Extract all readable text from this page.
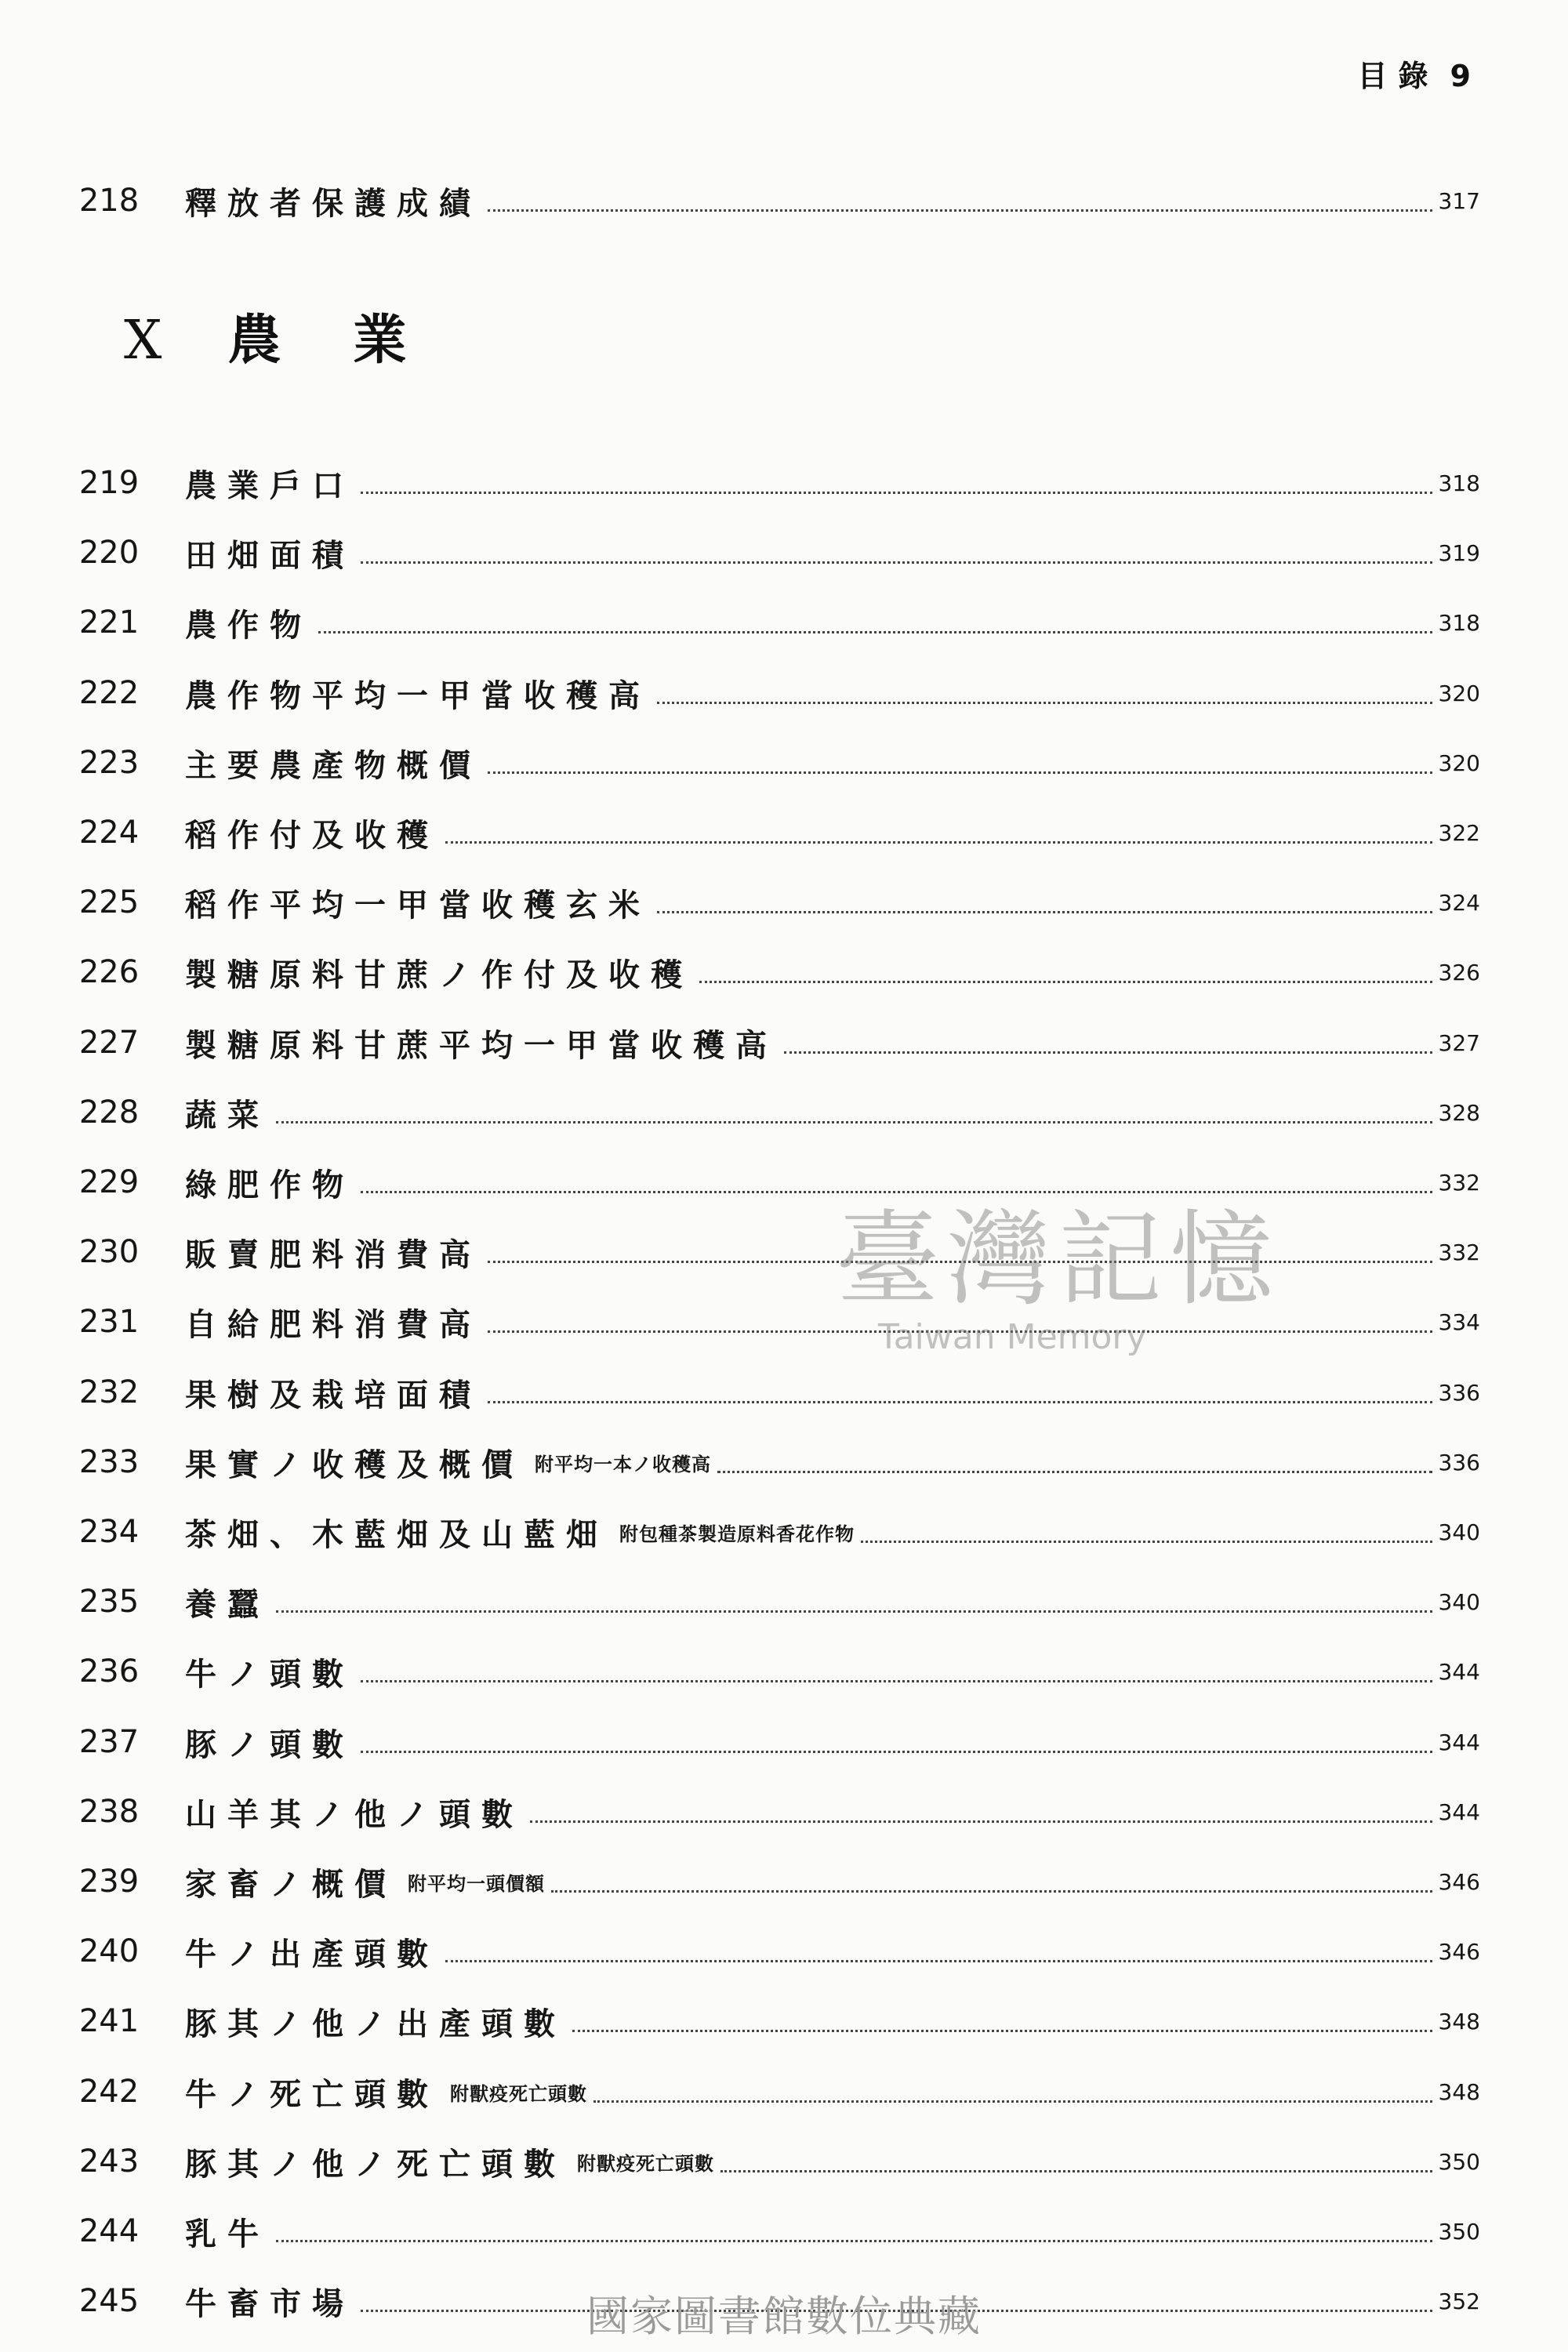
目錄 9
218	釋放者保護成績	317
X 農業
219	農業戶口	318
220	田畑面積	319
221	農作物	318
222	農作物平均一甲當收穫高	320
223	主要農產物概價	320
224	稻作付及收穫	322
225	稻作平均一甲當收穫玄米	324
226	製糖原料甘蔗ノ作付及收穫	326
227	製糖原料甘蔗平均一甲當收穫高	327
228	蔬菜	328
229	綠肥作物	332
230	販賣肥料消費高	332
231	自給肥料消費高	334
232	果樹及栽培面積	336
233	果實ノ收穫及概價 附平均一本ノ收穫高	336
234	茶畑、木藍畑及山藍畑 附包種茶製造原料香花作物	340
235	養蠶	340
236	牛ノ頭數	344
237	豚ノ頭數	344
238	山羊其ノ他ノ頭數	344
239	家畜ノ概價 附平均一頭價額	346
240	牛ノ出產頭數	346
241	豚其ノ他ノ出產頭數	348
242	牛ノ死亡頭數 附獸疫死亡頭數	348
243	豚其ノ他ノ死亡頭數 附獸疫死亡頭數	350
244	乳牛	350
245	牛畜市場	352
臺灣記憶
Taiwan Memory
國家圖書館數位典藏
